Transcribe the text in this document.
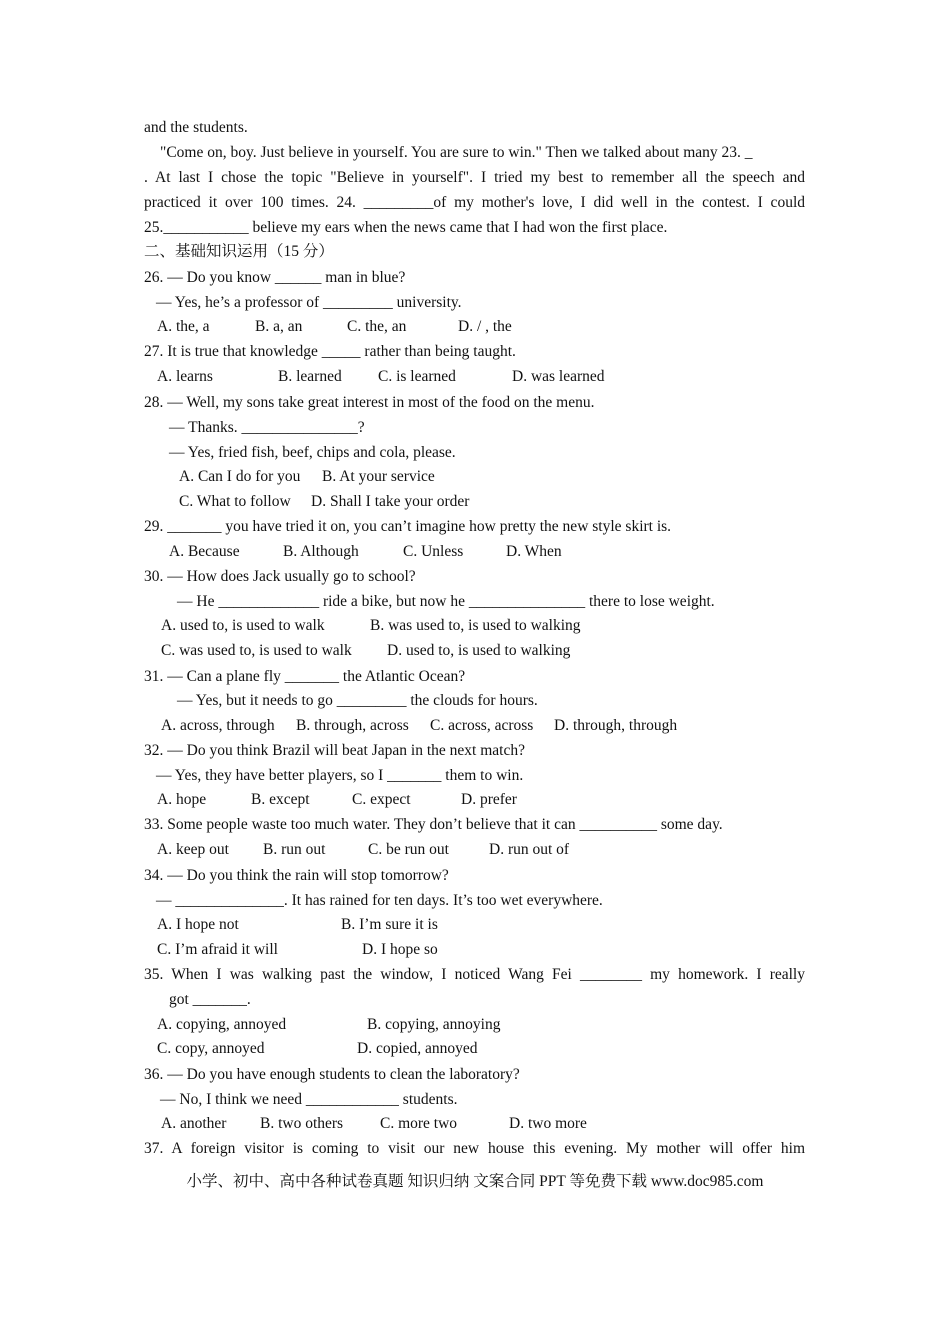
and the students.
"Come on, boy. Just believe in yourself. You are sure to win." Then we talked about many 23. _
. At last I chose the topic "Believe in yourself". I tried my best to remember all the speech and
practiced it over 100 times. 24. _________of my mother's love, I did well in the contest. I could
25.___________ believe my ears when the news came that I had won the first place.
二、基础知识运用（15 分）
26. — Do you know ______ man in blue?
— Yes, he’s a professor of _________ university.
A. the, a	B. a, an	C. the, an	D. / , the
27. It is true that knowledge _____ rather than being taught.
A. learns	B. learned C. is learned	D. was learned
28. — Well, my sons take great interest in most of the food on the menu.
— Thanks. _______________?
— Yes, fried fish, beef, chips and cola, please.
A. Can I do for you B. At your service
C. What to follow D. Shall I take your order
29. _______ you have tried it on, you can’t imagine how pretty the new style skirt is.
A. Because	B. Although	C. Unless	D. When
30. — How does Jack usually go to school?
— He _____________ ride a bike, but now he _______________ there to lose weight.
A. used to, is used to walk	B. was used to, is used to walking
C. was used to, is used to walk D. used to, is used to walking
31. — Can a plane fly _______ the Atlantic Ocean?
— Yes, but it needs to go _________ the clouds for hours.
A. across, through B. through, across C. across, across D. through, through
32. — Do you think Brazil will beat Japan in the next match?
— Yes, they have better players, so I _______ them to win.
A. hope	B. except	C. expect	D. prefer
33. Some people waste too much water. They don’t believe that it can __________ some day.
A. keep out B. run out	C. be run out	D. run out of
34. — Do you think the rain will stop tomorrow?
— ______________. It has rained for ten days. It’s too wet everywhere.
A. I hope not	B. I’m sure it is
C. I’m afraid it will	D. I hope so
35. When I was walking past the window, I noticed Wang Fei ________ my homework. I really
got _______.
A. copying, annoyed	B. copying, annoying
C. copy, annoyed	D. copied, annoyed
36. — Do you have enough students to clean the laboratory?
— No, I think we need ____________ students.
A. another B. two others C. more two	D. two more
37. A foreign visitor is coming to visit our new house this evening. My mother will offer him
小学、初中、高中各种试卷真题 知识归纳 文案合同 PPT 等免费下载 www.doc985.com
